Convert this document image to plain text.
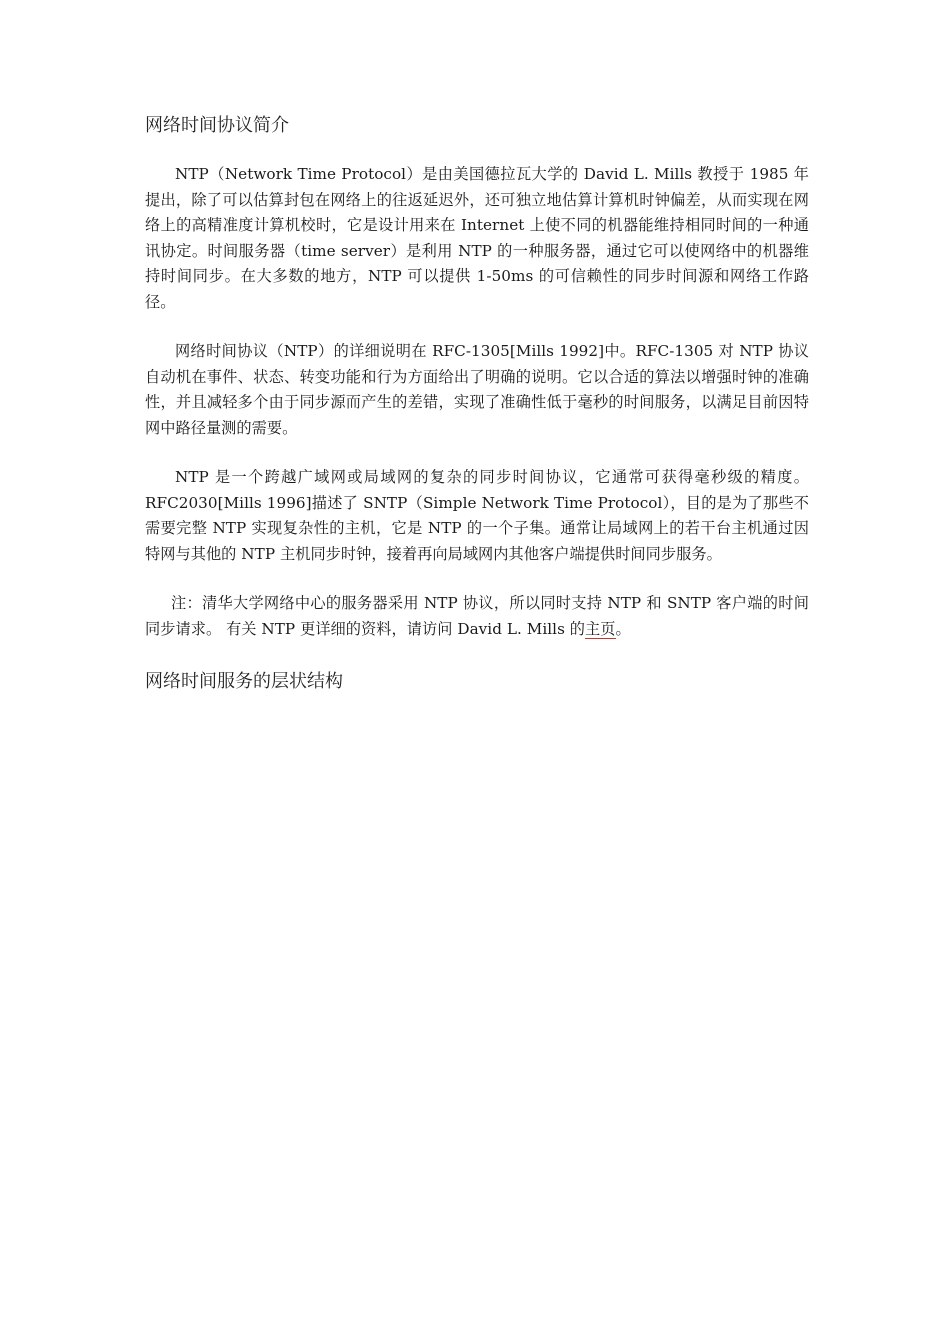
网络时间协议简介

NTP（Network Time Protocol）是由美国德拉瓦大学的 David L. Mills 教授于 1985 年提出，除了可以估算封包在网络上的往返延迟外，还可独立地估算计算机时钟偏差，从而实现在网络上的高精准度计算机校时，它是设计用来在 Internet 上使不同的机器能维持相同时间的一种通讯协定。时间服务器（time server）是利用 NTP 的一种服务器，通过它可以使网络中的机器维持时间同步。在大多数的地方，NTP 可以提供 1-50ms 的可信赖性的同步时间源和网络工作路径。

网络时间协议（NTP）的详细说明在 RFC-1305[Mills 1992]中。RFC-1305 对 NTP 协议自动机在事件、状态、转变功能和行为方面给出了明确的说明。它以合适的算法以增强时钟的准确性，并且减轻多个由于同步源而产生的差错，实现了准确性低于毫秒的时间服务，以满足目前因特网中路径量测的需要。

NTP 是一个跨越广域网或局域网的复杂的同步时间协议，它通常可获得毫秒级的精度。RFC2030[Mills 1996]描述了 SNTP（Simple Network Time Protocol），目的是为了那些不需要完整 NTP 实现复杂性的主机，它是 NTP 的一个子集。通常让局域网上的若干台主机通过因特网与其他的 NTP 主机同步时钟，接着再向局域网内其他客户端提供时间同步服务。

注：清华大学网络中心的服务器采用 NTP 协议，所以同时支持 NTP 和 SNTP 客户端的时间同步请求。 有关 NTP 更详细的资料，请访问 David L. Mills 的主页。

网络时间服务的层状结构
